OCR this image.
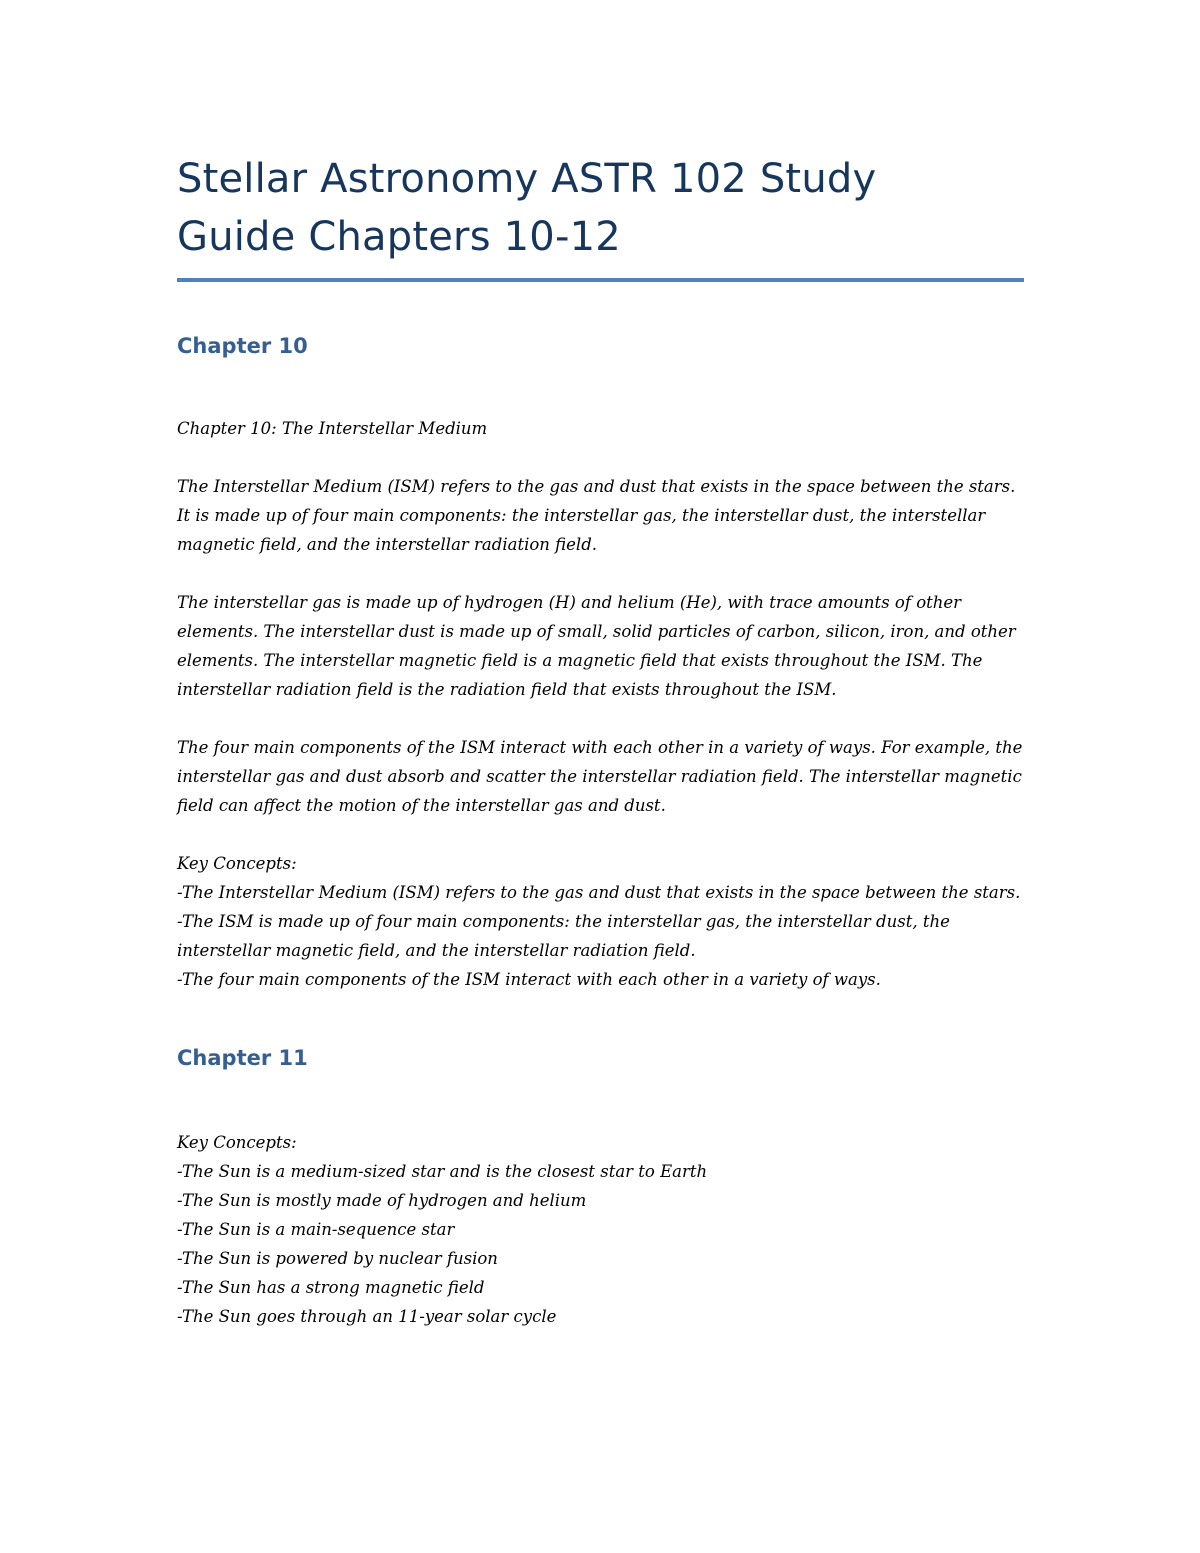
Stellar Astronomy ASTR 102 Study
Guide Chapters 10-12
Chapter 10

Chapter 10: The Interstellar Medium

The Interstellar Medium (ISM) refers to the gas and dust that exists in the space between the stars. It is made up of four main components: the interstellar gas, the interstellar dust, the interstellar magnetic field, and the interstellar radiation field.

The interstellar gas is made up of hydrogen (H) and helium (He), with trace amounts of other elements. The interstellar dust is made up of small, solid particles of carbon, silicon, iron, and other elements. The interstellar magnetic field is a magnetic field that exists throughout the ISM. The interstellar radiation field is the radiation field that exists throughout the ISM.

The four main components of the ISM interact with each other in a variety of ways. For example, the interstellar gas and dust absorb and scatter the interstellar radiation field. The interstellar magnetic field can affect the motion of the interstellar gas and dust.

Key Concepts:

-The Interstellar Medium (ISM) refers to the gas and dust that exists in the space between the stars.
-The ISM is made up of four main components: the interstellar gas, the interstellar dust, the interstellar magnetic field, and the interstellar radiation field.
-The four main components of the ISM interact with each other in a variety of ways.
Chapter 11

Key Concepts:

-The Sun is a medium-sized star and is the closest star to Earth
-The Sun is mostly made of hydrogen and helium
-The Sun is a main-sequence star
-The Sun is powered by nuclear fusion
-The Sun has a strong magnetic field
-The Sun goes through an 11-year solar cycle
